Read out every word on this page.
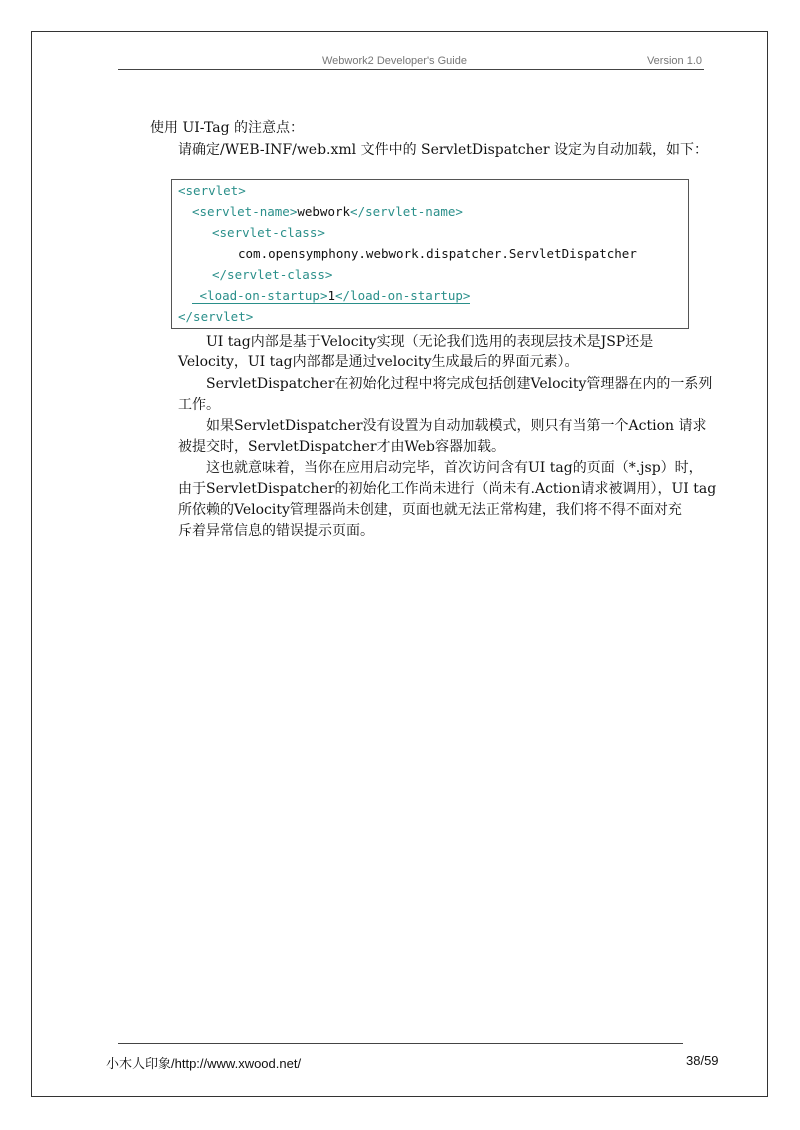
Webwork2 Developer's Guide	Version 1.0
使用 UI-Tag 的注意点：
请确定/WEB-INF/web.xml 文件中的 ServletDispatcher 设定为自动加载，如下：
<servlet>
<servlet-name>webwork</servlet-name>
<servlet-class>
com.opensymphony.webwork.dispatcher.ServletDispatcher
</servlet-class>
<load-on-startup>1</load-on-startup>
</servlet>
UI tag内部是基于Velocity实现（无论我们选用的表现层技术是JSP还是
Velocity，UI tag内部都是通过velocity生成最后的界面元素）。
ServletDispatcher在初始化过程中将完成包括创建Velocity管理器在内的一系列
工作。
如果ServletDispatcher没有设置为自动加载模式，则只有当第一个Action 请求
被提交时，ServletDispatcher才由Web容器加载。
这也就意味着，当你在应用启动完毕，首次访问含有UI tag的页面（*.jsp）时，
由于ServletDispatcher的初始化工作尚未进行（尚未有.Action请求被调用），UI tag
所依赖的Velocity管理器尚未创建，页面也就无法正常构建，我们将不得不面对充
斥着异常信息的错误提示页面。
小木人印象/http://www.xwood.net/	38/59
